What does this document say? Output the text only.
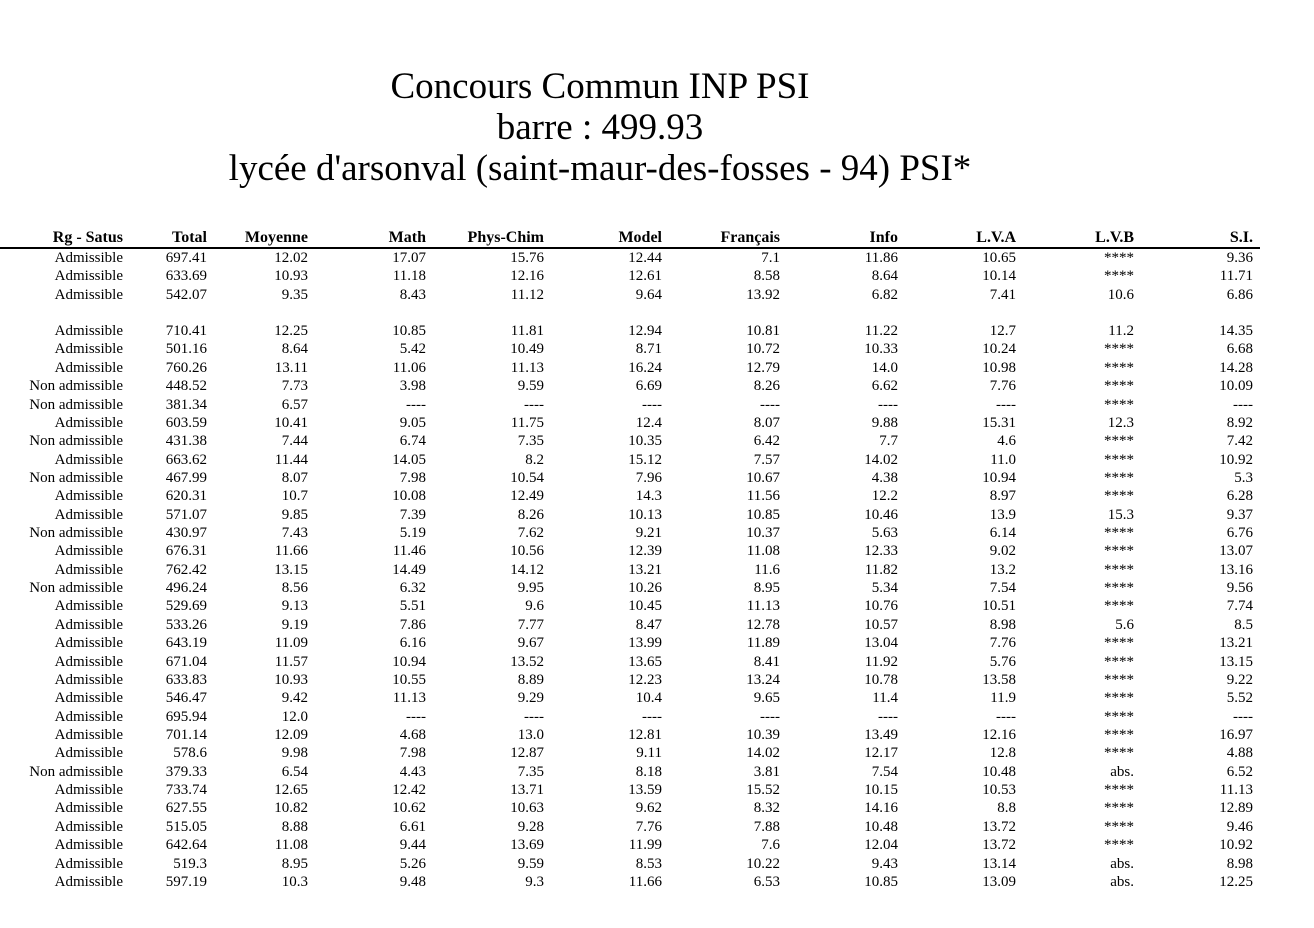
Concours Commun INP PSI
barre : 499.93
lycée d'arsonval (saint-maur-des-fosses - 94) PSI*
Rg - Satus	Total	Moyenne	Math	Phys-Chim	Model	Français	Info	L.V.A	L.V.B	S.I.
Admissible	697.41	12.02	17.07	15.76	12.44	7.1	11.86	10.65	****	9.36
Admissible	633.69	10.93	11.18	12.16	12.61	8.58	8.64	10.14	****	11.71
Admissible	542.07	9.35	8.43	11.12	9.64	13.92	6.82	7.41	10.6	6.86
Admissible	710.41	12.25	10.85	11.81	12.94	10.81	11.22	12.7	11.2	14.35
Admissible	501.16	8.64	5.42	10.49	8.71	10.72	10.33	10.24	****	6.68
Admissible	760.26	13.11	11.06	11.13	16.24	12.79	14.0	10.98	****	14.28
Non admissible	448.52	7.73	3.98	9.59	6.69	8.26	6.62	7.76	****	10.09
Non admissible	381.34	6.57	----	----	----	----	----	----	****	----
Admissible	603.59	10.41	9.05	11.75	12.4	8.07	9.88	15.31	12.3	8.92
Non admissible	431.38	7.44	6.74	7.35	10.35	6.42	7.7	4.6	****	7.42
Admissible	663.62	11.44	14.05	8.2	15.12	7.57	14.02	11.0	****	10.92
Non admissible	467.99	8.07	7.98	10.54	7.96	10.67	4.38	10.94	****	5.3
Admissible	620.31	10.7	10.08	12.49	14.3	11.56	12.2	8.97	****	6.28
Admissible	571.07	9.85	7.39	8.26	10.13	10.85	10.46	13.9	15.3	9.37
Non admissible	430.97	7.43	5.19	7.62	9.21	10.37	5.63	6.14	****	6.76
Admissible	676.31	11.66	11.46	10.56	12.39	11.08	12.33	9.02	****	13.07
Admissible	762.42	13.15	14.49	14.12	13.21	11.6	11.82	13.2	****	13.16
Non admissible	496.24	8.56	6.32	9.95	10.26	8.95	5.34	7.54	****	9.56
Admissible	529.69	9.13	5.51	9.6	10.45	11.13	10.76	10.51	****	7.74
Admissible	533.26	9.19	7.86	7.77	8.47	12.78	10.57	8.98	5.6	8.5
Admissible	643.19	11.09	6.16	9.67	13.99	11.89	13.04	7.76	****	13.21
Admissible	671.04	11.57	10.94	13.52	13.65	8.41	11.92	5.76	****	13.15
Admissible	633.83	10.93	10.55	8.89	12.23	13.24	10.78	13.58	****	9.22
Admissible	546.47	9.42	11.13	9.29	10.4	9.65	11.4	11.9	****	5.52
Admissible	695.94	12.0	----	----	----	----	----	----	****	----
Admissible	701.14	12.09	4.68	13.0	12.81	10.39	13.49	12.16	****	16.97
Admissible	578.6	9.98	7.98	12.87	9.11	14.02	12.17	12.8	****	4.88
Non admissible	379.33	6.54	4.43	7.35	8.18	3.81	7.54	10.48	abs.	6.52
Admissible	733.74	12.65	12.42	13.71	13.59	15.52	10.15	10.53	****	11.13
Admissible	627.55	10.82	10.62	10.63	9.62	8.32	14.16	8.8	****	12.89
Admissible	515.05	8.88	6.61	9.28	7.76	7.88	10.48	13.72	****	9.46
Admissible	642.64	11.08	9.44	13.69	11.99	7.6	12.04	13.72	****	10.92
Admissible	519.3	8.95	5.26	9.59	8.53	10.22	9.43	13.14	abs.	8.98
Admissible	597.19	10.3	9.48	9.3	11.66	6.53	10.85	13.09	abs.	12.25
